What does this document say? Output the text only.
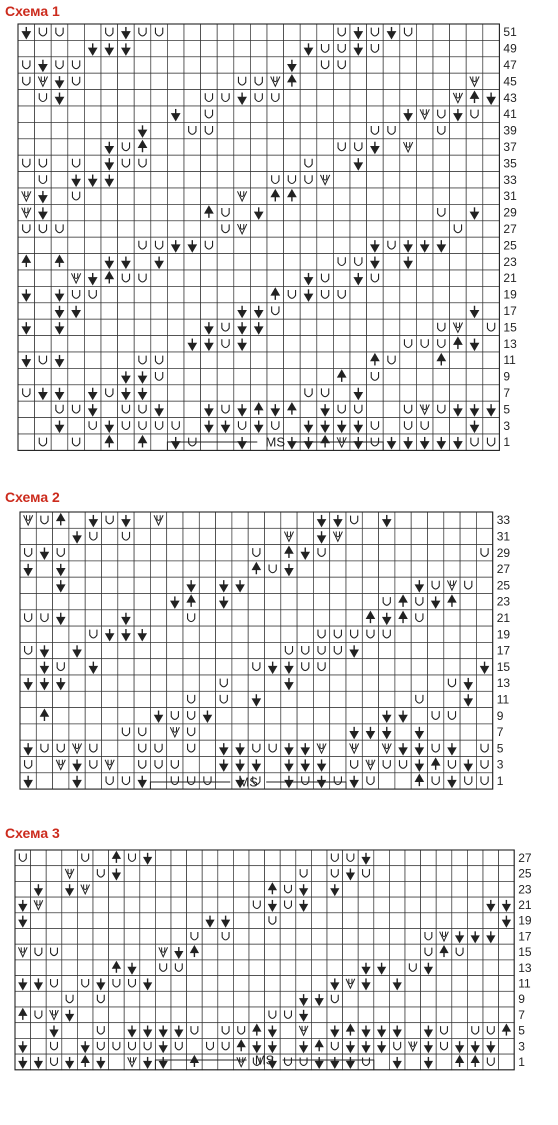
Схема 1
51
49
47
45
43
41
39
37
35
33
31
29
27
25
23
21
19
17
15
13
11
9
7
5
3
1
MS
Схема 2
33
31
29
27
25
23
21
19
17
15
13
11
9
7
5
3
1
MS
Схема 3
27
25
23
21
19
17
15
13
11
9
7
5
3
1
MS
